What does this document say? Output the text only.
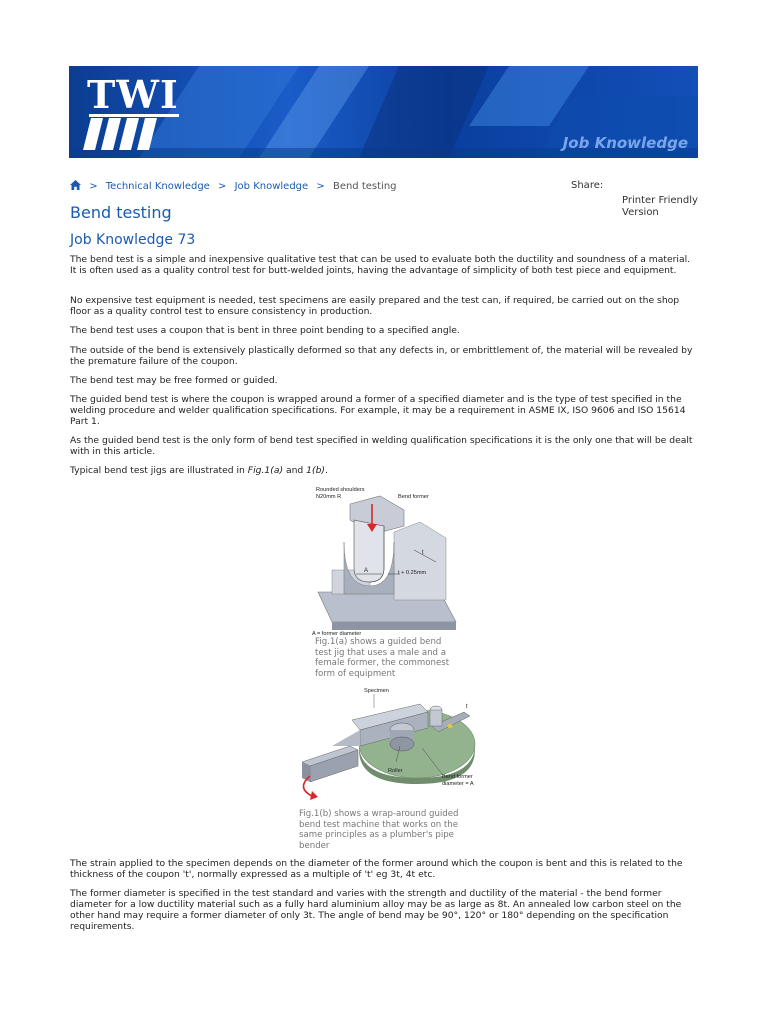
TWI
Job Knowledge
> Technical Knowledge > Job Knowledge > Bend testing	Share:
Printer Friendly Version
Bend testing
Job Knowledge 73

The bend test is a simple and inexpensive qualitative test that can be used to evaluate both the ductility and soundness of a material. It is often used as a quality control test for butt-welded joints, having the advantage of simplicity of both test piece and equipment.

No expensive test equipment is needed, test specimens are easily prepared and the test can, if required, be carried out on the shop floor as a quality control test to ensure consistency in production.

The bend test uses a coupon that is bent in three point bending to a specified angle.

The outside of the bend is extensively plastically deformed so that any defects in, or embrittlement of, the material will be revealed by the premature failure of the coupon.

The bend test may be free formed or guided.

The guided bend test is where the coupon is wrapped around a former of a specified diameter and is the type of test specified in the welding procedure and welder qualification specifications. For example, it may be a requirement in ASME IX, ISO 9606 and ISO 15614 Part 1.

As the guided bend test is the only form of bend test specified in welding qualification specifications it is the only one that will be dealt with in this article.

Typical bend test jigs are illustrated in Fig.1(a) and 1(b).

Rounded shoulders
N20mm R	Bend former
A
t
t + 0.25mm
A = former diameter

Fig.1(a) shows a guided bend test jig that uses a male and a female former, the commonest form of equipment

Specimen
t
Roller
Bend former
diameter = A

Fig.1(b) shows a wrap-around guided bend test machine that works on the same principles as a plumber's pipe bender

The strain applied to the specimen depends on the diameter of the former around which the coupon is bent and this is related to the thickness of the coupon 't', normally expressed as a multiple of 't' eg 3t, 4t etc.

The former diameter is specified in the test standard and varies with the strength and ductility of the material - the bend former diameter for a low ductility material such as a fully hard aluminium alloy may be as large as 8t. An annealed low carbon steel on the other hand may require a former diameter of only 3t. The angle of bend may be 90°, 120° or 180° depending on the specification requirements.
